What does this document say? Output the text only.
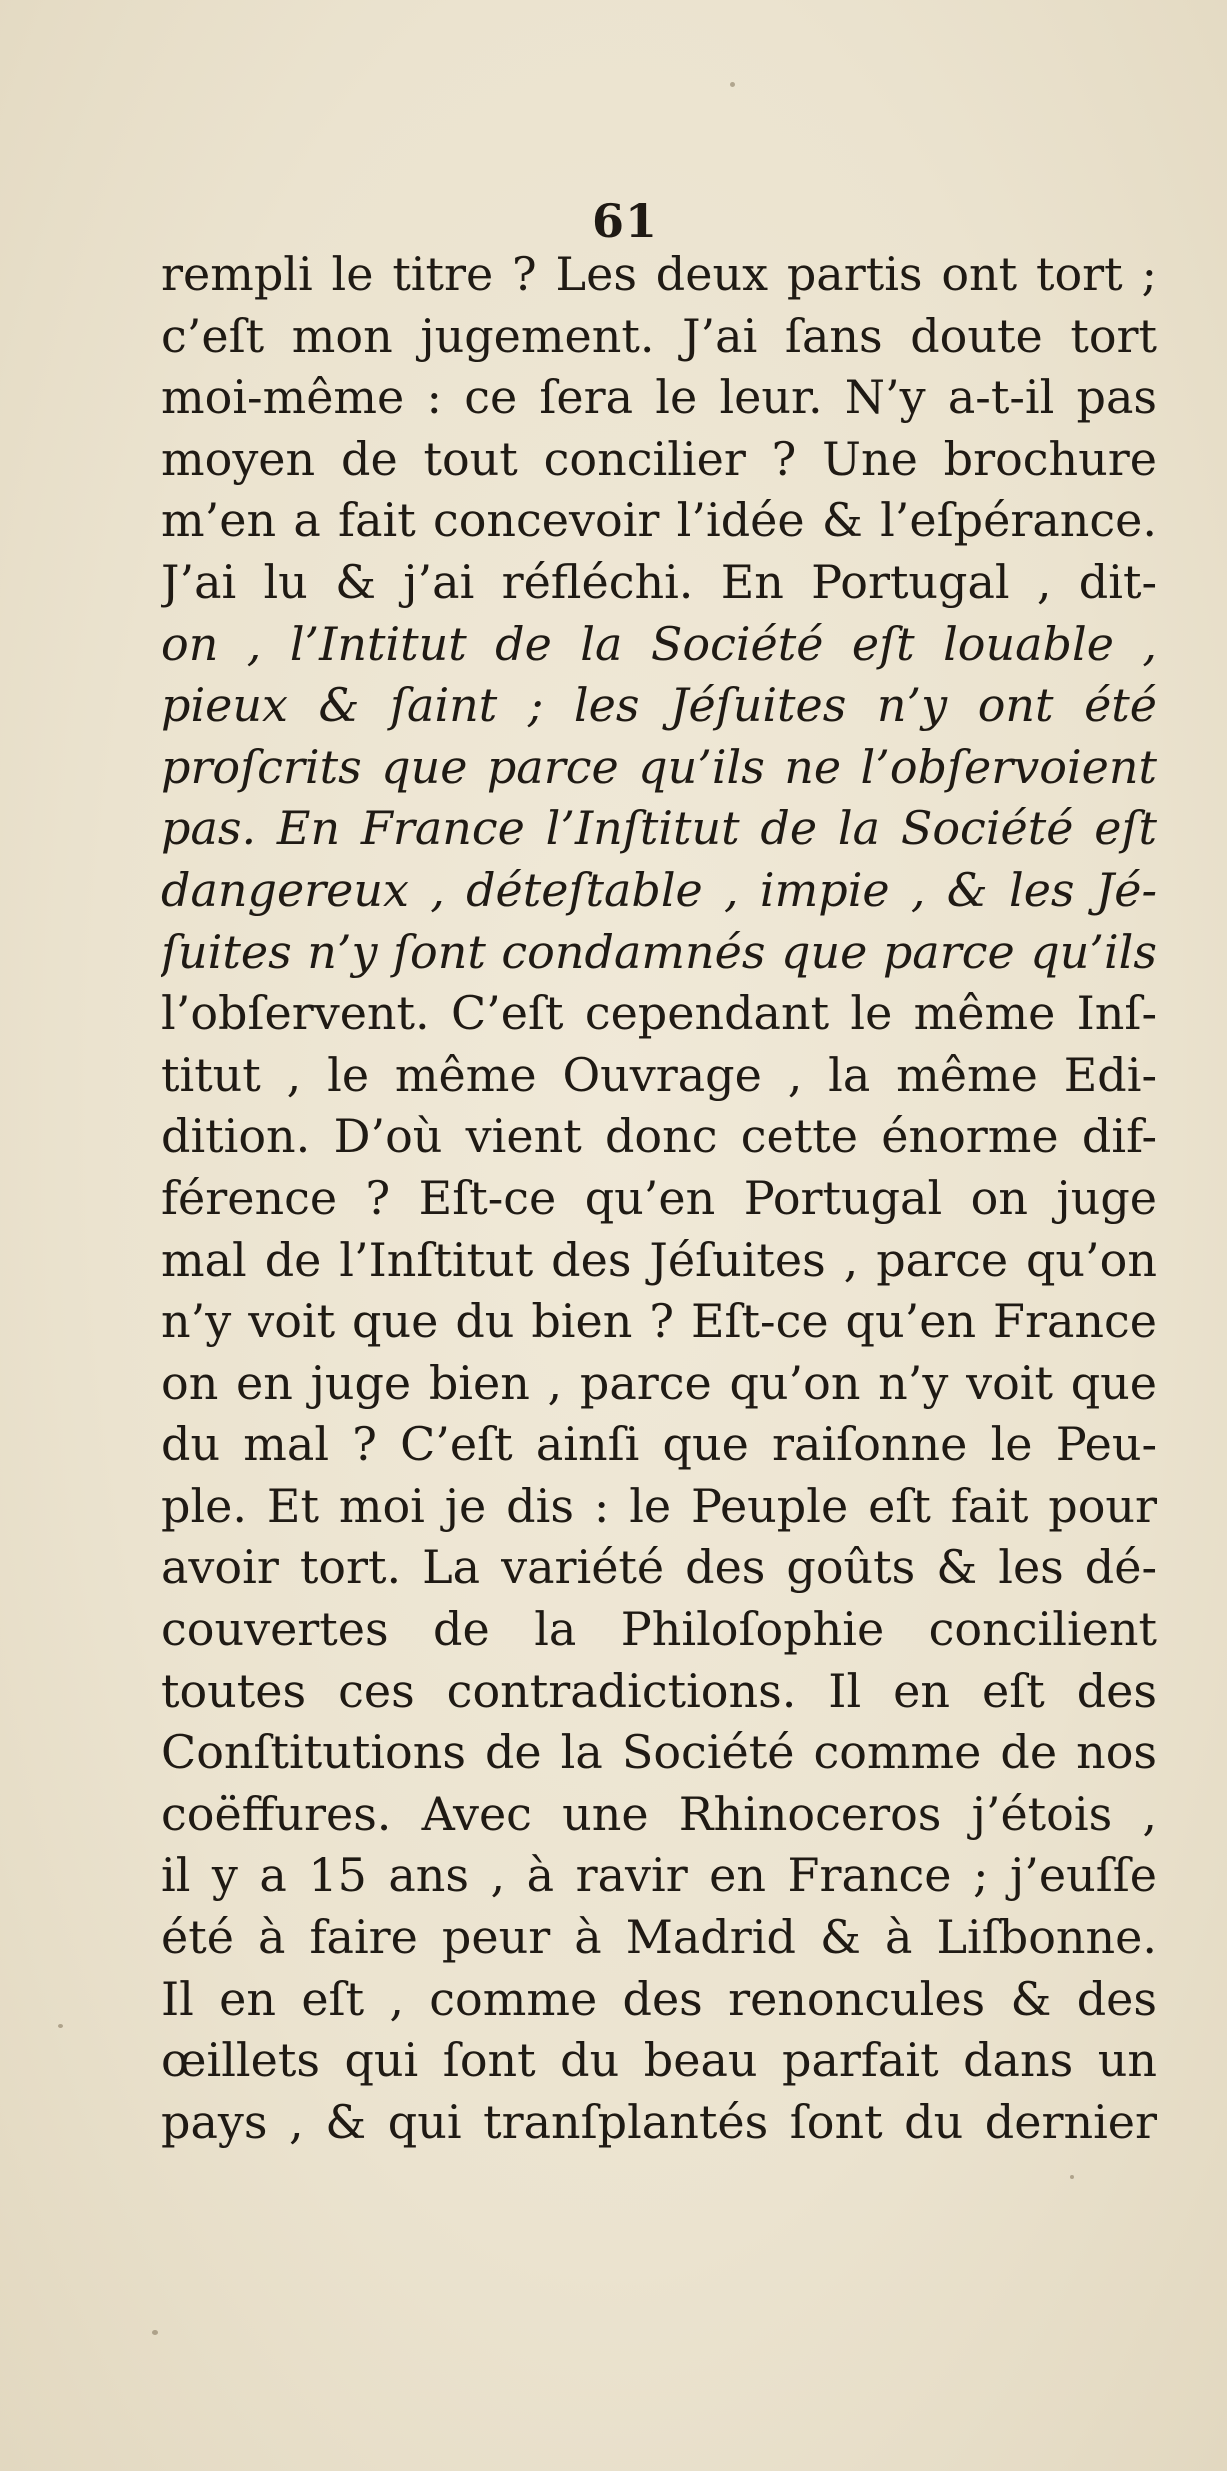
61
rempli le titre ? Les deux partis ont tort ;
c’eſt mon jugement. J’ai ſans doute tort
moi-même : ce ſera le leur. N’y a-t-il pas
moyen de tout concilier ? Une brochure
m’en a fait concevoir l’idée & l’eſpérance.
J’ai lu & j’ai réfléchi. En Portugal , dit-
on , l’Intitut de la Société eſt louable ,
pieux & ſaint ; les Jéſuites n’y ont été
proſcrits que parce qu’ils ne l’obſervoient
pas. En France l’Inſtitut de la Société eſt
dangereux , déteſtable , impie , & les Jé-
ſuites n’y ſont condamnés que parce qu’ils
l’obſervent. C’eſt cependant le même Inſ-
titut , le même Ouvrage , la même Edi-
dition. D’où vient donc cette énorme dif-
férence ? Eſt-ce qu’en Portugal on juge
mal de l’Inſtitut des Jéſuites , parce qu’on
n’y voit que du bien ? Eſt-ce qu’en France
on en juge bien , parce qu’on n’y voit que
du mal ? C’eſt ainſi que raiſonne le Peu-
ple. Et moi je dis : le Peuple eſt fait pour
avoir tort. La variété des goûts & les dé-
couvertes de la Philoſophie concilient
toutes ces contradictions. Il en eſt des
Conſtitutions de la Société comme de nos
coëffures. Avec une Rhinoceros j’étois ,
il y a 15 ans , à ravir en France ; j’euſſe
été à faire peur à Madrid & à Liſbonne.
Il en eſt , comme des renoncules & des
œillets qui ſont du beau parfait dans un
pays , & qui tranſplantés ſont du dernier
